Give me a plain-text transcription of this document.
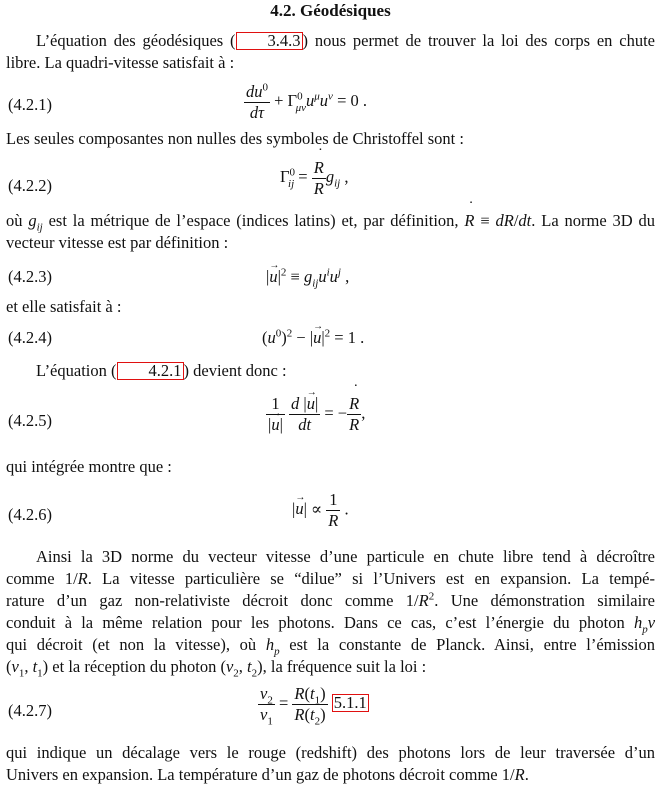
4.2. Géodésiques
L’équation des géodésiques ( 3.4.3 ) nous permet de trouver la loi des corps en chute libre. La quadri-vitesse satisfait à :
(4.2.1)	$\frac{du^0}{d\tau} + \Gamma^0_{\mu\nu}u^\mu u^\nu = 0$ .
Les seules composantes non nulles des symboles de Christoffel sont :
(4.2.2)	$\Gamma^0_{ij}$ = ˙ $\frac{R}{R} g_{ij}$ ,
où $g_{ij}$ est la métrique de l’espace (indices latins) et, par définition, ˙ R ≡ dR/dt. La norme 3D du vecteur vitesse est par définition :
(4.2.3)	|→ $u|^2 \equiv g_{ij}u^iu^j$ ,
et elle satisfait à :
(4.2.4)	$(u^0)^2$ − |→ $u|^2 = 1$ .
L’équation ( 4.2.1 ) devient donc :
(4.2.5)	$\frac{1}{|\to u|}$
$\frac{d |\to u|}{dt}$ = − ˙ $\frac{R}{R}$ ,
qui intégrée montre que :
(4.2.6)	|→ $u| \propto \frac{1}{R}$ .
Ainsi la 3D norme du vecteur vitesse d’une particule en chute libre tend à décroître
comme 1/R. La vitesse particulière se “dilue” si l’Univers est en expansion. La tempé-
rature d’un gaz non-relativiste décroit donc comme $1/R^2$. Une démonstration similaire
conduit à la même relation pour les photons. Dans ce cas, c’est l’énergie du photon $h_p\nu$
qui décroit (et non la vitesse), où $h_p$ est la constante de Planck. Ainsi, entre l’émission
($\nu_1$, $t_1$) et la réception du photon ($\nu_2$, $t_2$), la fréquence suit la loi :
(4.2.7)	$\frac{\nu_2}{\nu_1} = \frac{R(t_1)}{R(t_2)} 5.1.1$
qui indique un décalage vers le rouge (redshift) des photons lors de leur traversée d’un
Univers en expansion. La température d’un gaz de photons décroit comme 1/R.
